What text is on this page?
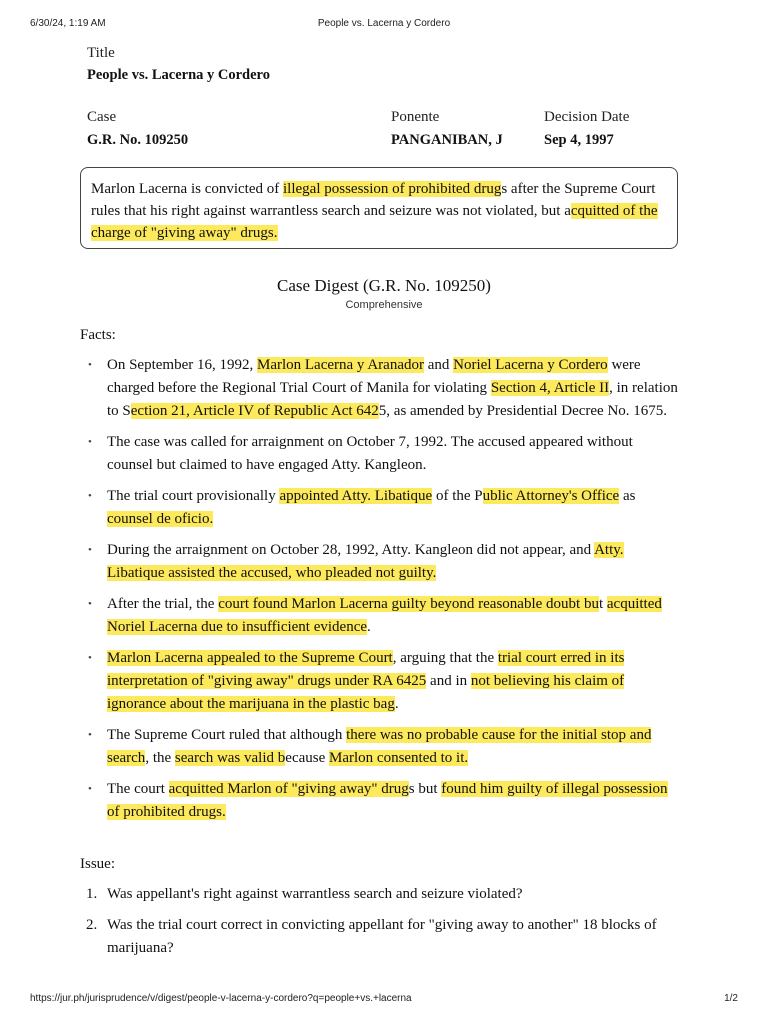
6/30/24, 1:19 AM	People vs. Lacerna y Cordero
Title
People vs. Lacerna y Cordero
Case
G.R. No. 109250
Ponente
PANGANIBAN, J
Decision Date
Sep 4, 1997
Marlon Lacerna is convicted of illegal possession of prohibited drugs after the Supreme Court rules that his right against warrantless search and seizure was not violated, but acquitted of the charge of "giving away" drugs.
Case Digest (G.R. No. 109250)
Comprehensive
Facts:
• On September 16, 1992, Marlon Lacerna y Aranador and Noriel Lacerna y Cordero were charged before the Regional Trial Court of Manila for violating Section 4, Article II, in relation to Section 21, Article IV of Republic Act 6425, as amended by Presidential Decree No. 1675.
• The case was called for arraignment on October 7, 1992. The accused appeared without counsel but claimed to have engaged Atty. Kangleon.
• The trial court provisionally appointed Atty. Libatique of the Public Attorney's Office as counsel de oficio.
• During the arraignment on October 28, 1992, Atty. Kangleon did not appear, and Atty. Libatique assisted the accused, who pleaded not guilty.
• After the trial, the court found Marlon Lacerna guilty beyond reasonable doubt but acquitted Noriel Lacerna due to insufficient evidence.
• Marlon Lacerna appealed to the Supreme Court, arguing that the trial court erred in its interpretation of "giving away" drugs under RA 6425 and in not believing his claim of ignorance about the marijuana in the plastic bag.
• The Supreme Court ruled that although there was no probable cause for the initial stop and search, the search was valid because Marlon consented to it.
• The court acquitted Marlon of "giving away" drugs but found him guilty of illegal possession of prohibited drugs.
Issue:
1. Was appellant's right against warrantless search and seizure violated?
2. Was the trial court correct in convicting appellant for "giving away to another" 18 blocks of marijuana?
https://jur.ph/jurisprudence/v/digest/people-v-lacerna-y-cordero?q=people+vs.+lacerna	1/2
